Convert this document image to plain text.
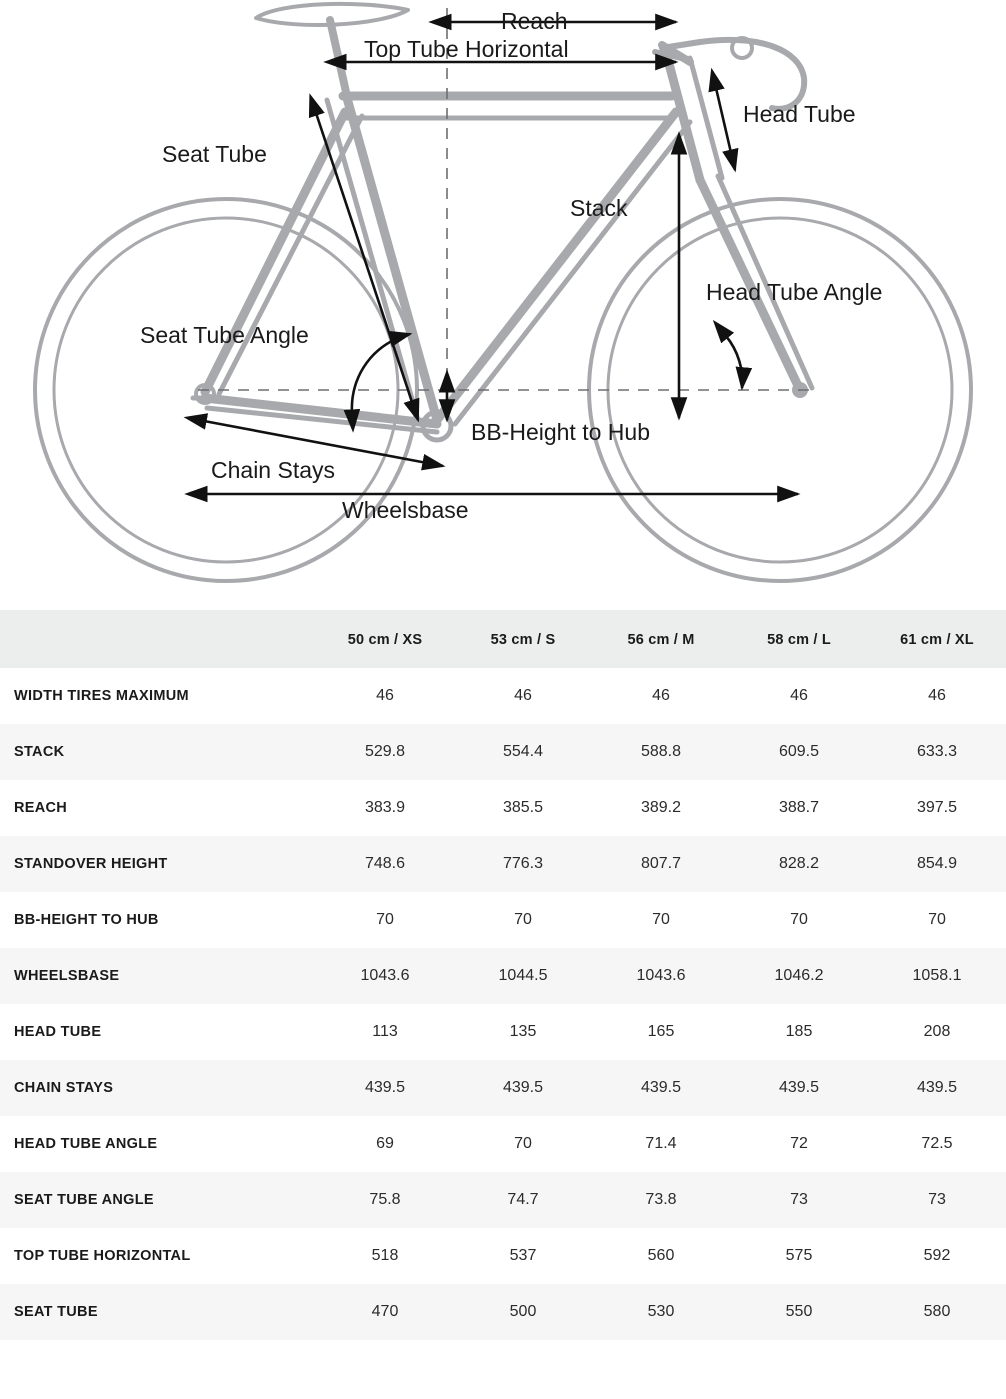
Reach
Top Tube Horizontal
Head Tube
Seat Tube
Stack
Head Tube Angle
Seat Tube Angle
BB-Height to Hub
Chain Stays
Wheelsbase
	50 cm / XS	53 cm / S	56 cm / M	58 cm / L	61 cm / XL
WIDTH TIRES MAXIMUM	46	46	46	46	46
STACK	529.8	554.4	588.8	609.5	633.3
REACH	383.9	385.5	389.2	388.7	397.5
STANDOVER HEIGHT	748.6	776.3	807.7	828.2	854.9
BB-HEIGHT TO HUB	70	70	70	70	70
WHEELSBASE	1043.6	1044.5	1043.6	1046.2	1058.1
HEAD TUBE	113	135	165	185	208
CHAIN STAYS	439.5	439.5	439.5	439.5	439.5
HEAD TUBE ANGLE	69	70	71.4	72	72.5
SEAT TUBE ANGLE	75.8	74.7	73.8	73	73
TOP TUBE HORIZONTAL	518	537	560	575	592
SEAT TUBE	470	500	530	550	580
